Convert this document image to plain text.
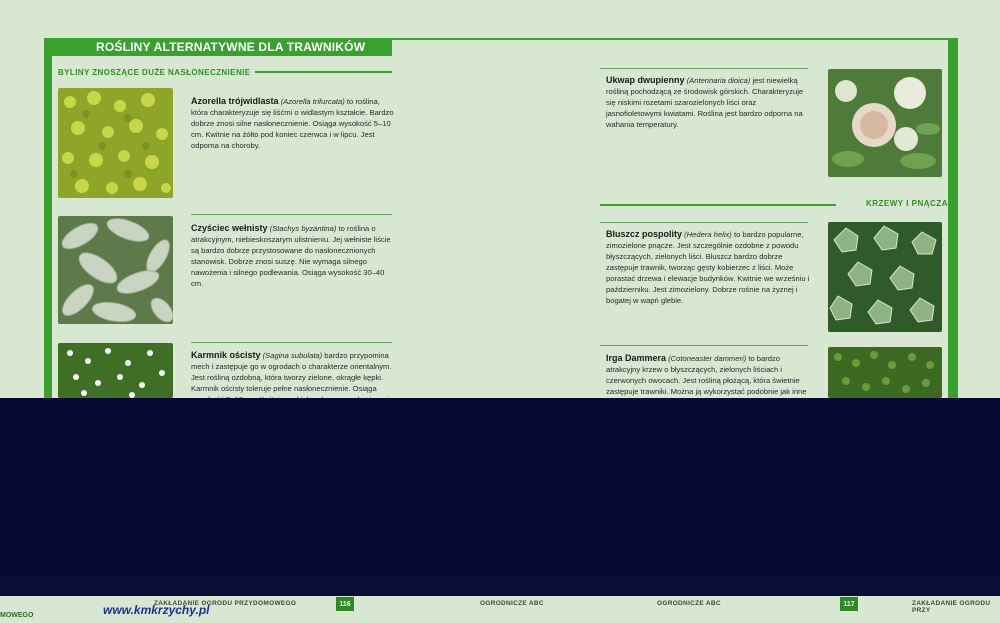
ROŚLINY ALTERNATYWNE DLA TRAWNIKÓW
BYLINY ZNOSZĄCE DUŻE NASŁONECZNIENIE
Azorella trójwidlasta (Azorella trifurcata) to roślina, która charakteryzuje się liśćmi o widlastym kształcie. Bardzo dobrze znosi silne nasłonecznienie. Osiąga wysokość 5–10 cm. Kwitnie na żółto pod koniec czerwca i w lipcu. Jest odporna na choroby.
Czyściec wełnisty (Stachys byzantina) to roślina o atrakcyjnym, niebieskoszarym ulistnieniu. Jej wełniste liście są bardzo dobrze przystosowane do nasłonecznionych stanowisk. Dobrze znosi suszę. Nie wymaga silnego nawożenia i silnego podlewania. Osiąga wysokość 30–40 cm.
Karmnik ościsty (Sagina subulata) bardzo przypomina mech i zastępuje go w ogrodach o charakterze orientalnym. Jest rośliną ozdobną, która tworzy zielone, okrągłe kępki. Karmnik ościsty toleruje pełne nasłonecznienie. Osiąga
Ukwap dwupienny (Antennaria dioica) jest niewielką rośliną pochodzącą ze środowisk górskich. Charakteryzuje się niskimi rozetami szarozielonych liści oraz jasnofioletowymi kwiatami. Roślina jest bardzo odporna na wahania temperatury.
KRZEWY I PNĄCZA
Bluszcz pospolity (Hedera helix) to bardzo popularne, zimozielone pnącze. Jest szczególnie ozdobne z powodu błyszczących, zielonych liści. Bluszcz bardzo dobrze zastępuje trawnik, tworząc gęsty kobierzec z liści. Może porastać drzewa i elewacje budynków. Kwitnie we wrześniu i październiku. Jest zimozielony. Dobrze rośnie na żyznej i bogatej w wapń glebie.
Irga Dammera (Cotoneaster dammeri) to bardzo atrakcyjny krzew o błyszczących, zielonych liściach i czerwonych owocach. Jest rośliną płożącą, która świetnie zastępuje trawniki. Można ją wykorzystać podobnie jak inne
ZAKŁADANIE OGRODU PRZYDOMOWEGO	116	OGRODNICZE ABC	OGRODNICZE ABC	117	ZAKŁADANIE OGRODU PRZY
www.kmkrzychy.pl
MOWEGO
